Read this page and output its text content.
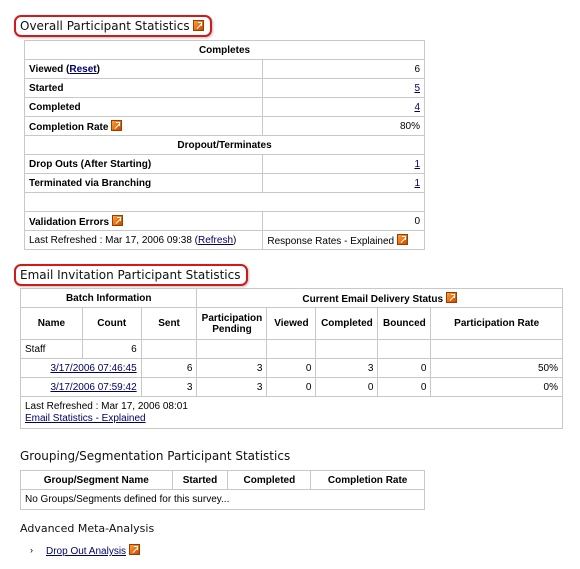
Overall Participant Statistics
Completes	
Viewed (Reset)	6
Started	5
Completed	4
Completion Rate	80%
Dropout/Terminates	
Drop Outs (After Starting)	1
Terminated via Branching	1

Validation Errors	0
Last Refreshed : Mar 17, 2006 09:38 (Refresh)	Response Rates - Explained
Email Invitation Participant Statistics
Batch Information			Current Email Delivery Status				
Name	Count	Sent	Participation Pending	Viewed	Completed	Bounced	Participation Rate
Staff	6						
3/17/2006 07:46:45		6	3	0	3	0	50%
3/17/2006 07:59:42		3	3	0	0	0	0%

Last Refreshed : Mar 17, 2006 08:01
Email Statistics - Explained							
Grouping/Segmentation Participant Statistics
Group/Segment Name	Started	Completed	Completion Rate
No Groups/Segments defined for this survey...
Advanced Meta-Analysis
› Drop Out Analysis
